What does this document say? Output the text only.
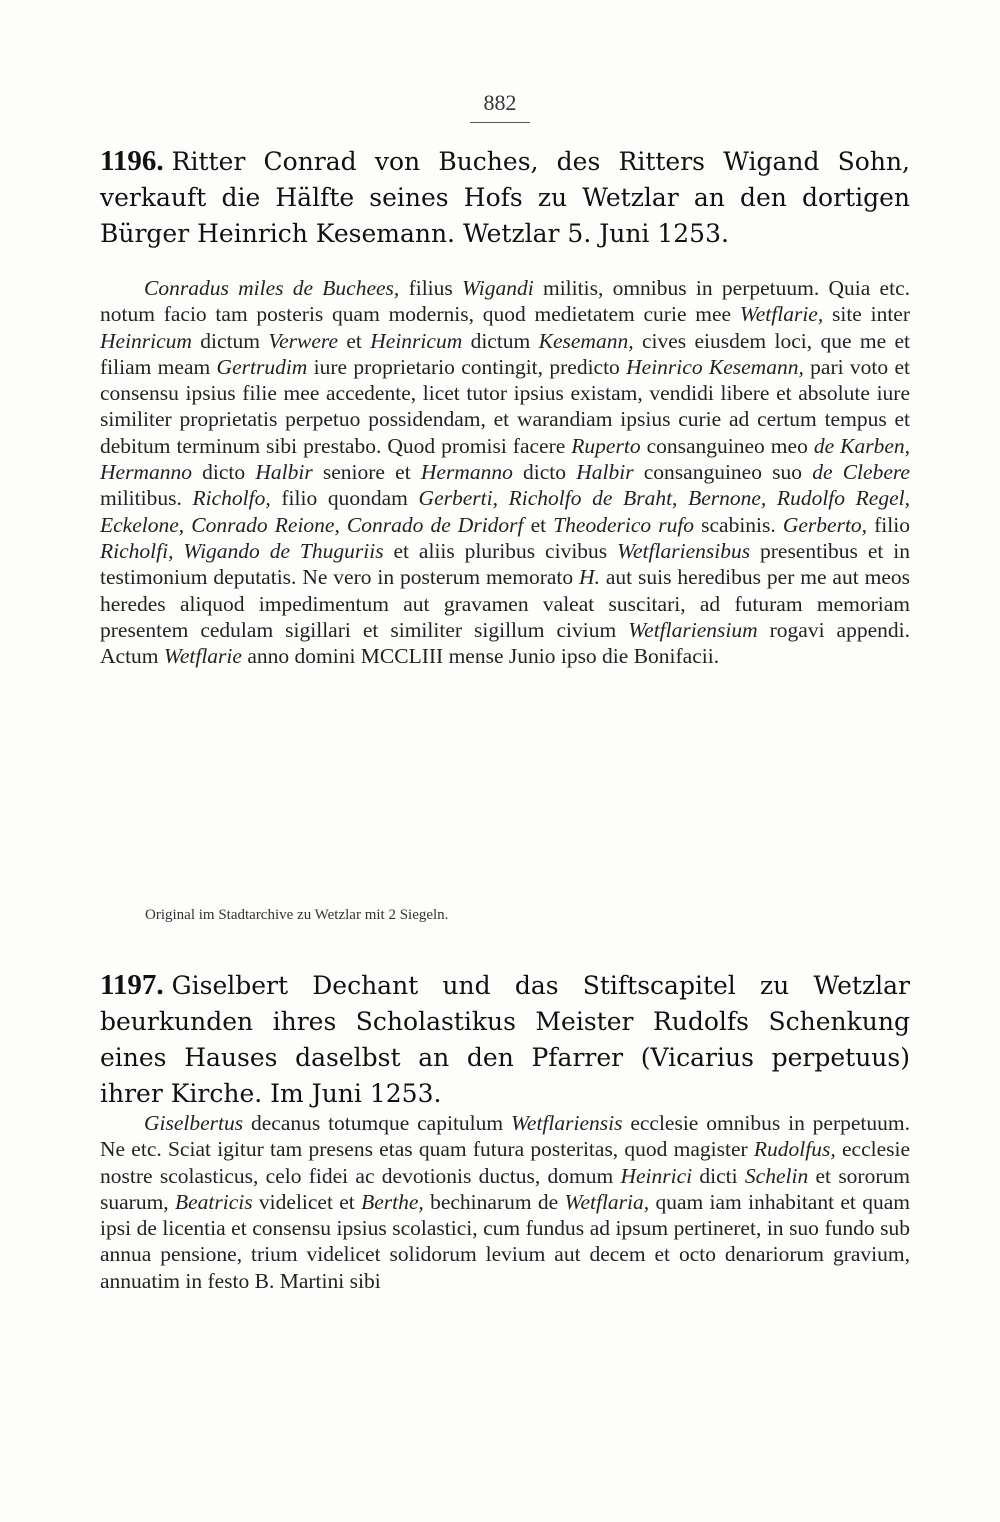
882

1196. Ritter Conrad von Buches, des Ritters Wigand Sohn, verkauft die Hälfte seines Hofs zu Wetzlar an den dortigen Bürger Heinrich Kesemann. Wetzlar 5. Juni 1253.

Conradus miles de Buchees, filius Wigandi militis, omnibus in perpetuum. Quia etc. notum facio tam posteris quam modernis, quod medietatem curie mee Wetflarie, site inter Heinricum dictum Verwere et Heinricum dictum Kesemann, cives eiusdem loci, que me et filiam meam Gertrudim iure proprietario contingit, predicto Heinrico Kesemann, pari voto et consensu ipsius filie mee accedente, licet tutor ipsius existam, vendidi libere et absolute iure similiter proprietatis perpetuo possidendam, et warandiam ipsius curie ad certum tempus et debitum terminum sibi prestabo. Quod promisi facere Ruperto consanguineo meo de Karben, Hermanno dicto Halbir seniore et Hermanno dicto Halbir consanguineo suo de Clebere militibus. Richolfo, filio quondam Gerberti, Richolfo de Braht, Bernone, Rudolfo Regel, Eckelone, Conrado Reione, Conrado de Dridorf et Theoderico rufo scabinis. Gerberto, filio Richolfi, Wigando de Thuguriis et aliis pluribus civibus Wetflariensibus presentibus et in testimonium deputatis. Ne vero in posterum memorato H. aut suis heredibus per me aut meos heredes aliquod impedimentum aut gravamen valeat suscitari, ad futuram memoriam presentem cedulam sigillari et similiter sigillum civium Wetflariensium rogavi appendi. Actum Wetflarie anno domini MCCLIII mense Junio ipso die Bonifacii.

Original im Stadtarchive zu Wetzlar mit 2 Siegeln.

1197. Giselbert Dechant und das Stiftscapitel zu Wetzlar beurkunden ihres Scholastikus Meister Rudolfs Schenkung eines Hauses daselbst an den Pfarrer (Vicarius perpetuus) ihrer Kirche. Im Juni 1253.

Giselbertus decanus totumque capitulum Wetflariensis ecclesie omnibus in perpetuum. Ne etc. Sciat igitur tam presens etas quam futura posteritas, quod magister Rudolfus, ecclesie nostre scolasticus, celo fidei ac devotionis ductus, domum Heinrici dicti Schelin et sororum suarum, Beatricis videlicet et Berthe, bechinarum de Wetflaria, quam iam inhabitant et quam ipsi de licentia et consensu ipsius scolastici, cum fundus ad ipsum pertineret, in suo fundo sub annua pensione, trium videlicet solidorum levium aut decem et octo denariorum gravium, annuatim in festo B. Martini sibi
